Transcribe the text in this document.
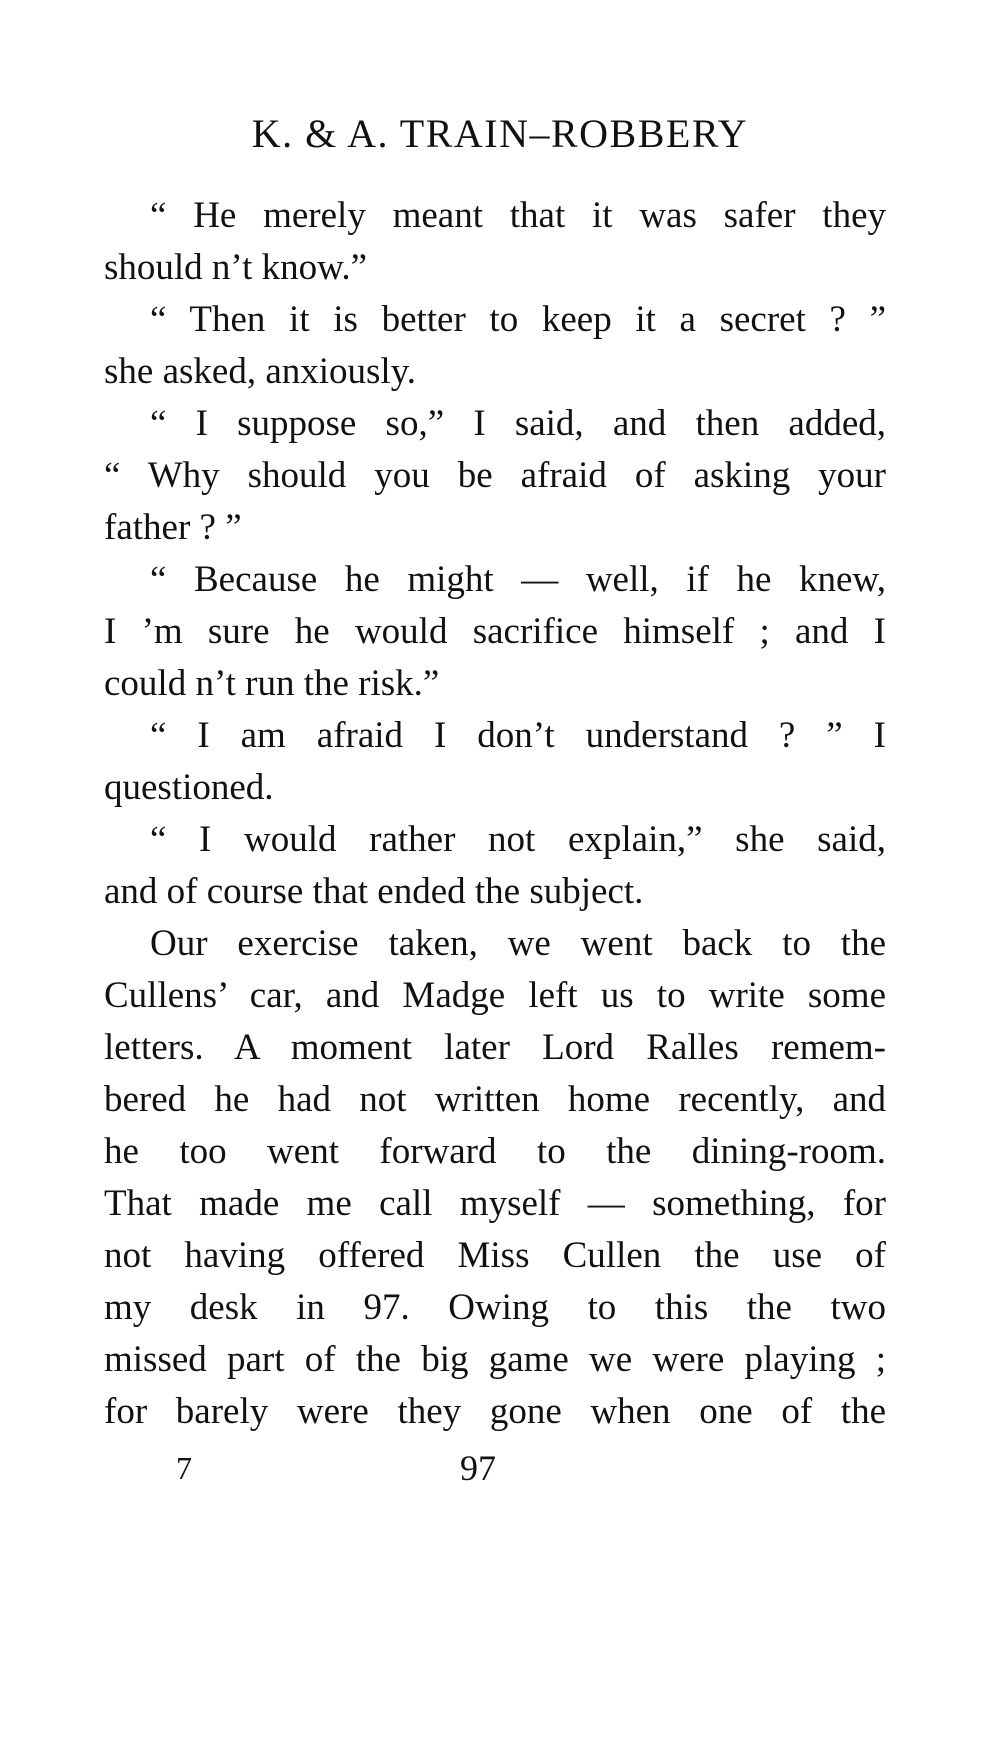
K. & A. TRAIN–ROBBERY
“ He merely meant that it was safer they
should n’t know.”
“ Then it is better to keep it a secret ? ”
she asked, anxiously.
“ I suppose so,” I said, and then added,
“ Why should you be afraid of asking your
father ? ”
“ Because he might — well, if he knew,
I ’m sure he would sacrifice himself ; and I
could n’t run the risk.”
“ I am afraid I don’t understand ? ” I
questioned.
“ I would rather not explain,” she said,
and of course that ended the subject.
Our exercise taken, we went back to the
Cullens’ car, and Madge left us to write some
letters. A moment later Lord Ralles remem-
bered he had not written home recently, and
he too went forward to the dining-room.
That made me call myself — something, for
not having offered Miss Cullen the use of
my desk in 97. Owing to this the two
missed part of the big game we were playing ;
for barely were they gone when one of the
7	97
